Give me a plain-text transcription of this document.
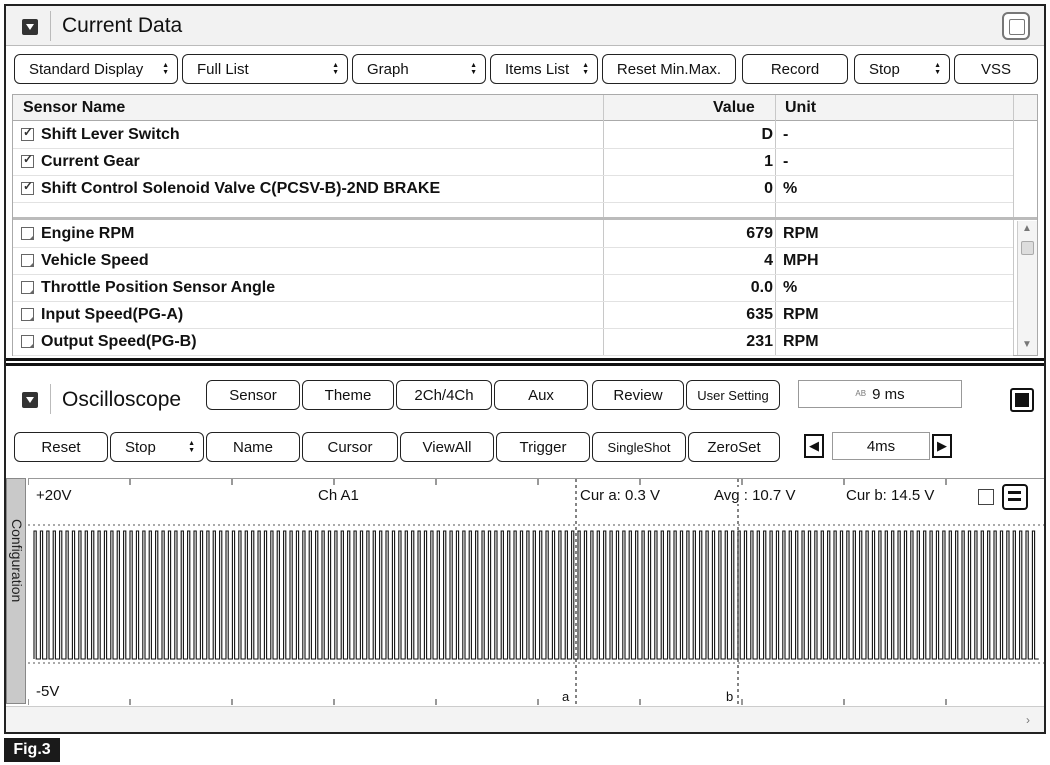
Current Data
Standard Display	▲
▼ Full List	▲
▼ Graph	▲
▼ Items List ▲
▼ Reset Min.Max.	Record	Stop	▲
▼	VSS
Sensor Name	Value Unit
✓
Shift Lever Switch	D -
✓
Current Gear	1 -
✓
Shift Control Solenoid Valve C(PCSV-B)-2ND BRAKE	0 %
Engine RPM	679 RPM
Vehicle Speed	4 MPH
Throttle Position Sensor Angle	0.0 %
Input Speed(PG-A)	635 RPM
Output Speed(PG-B)	231 RPM
▲
▼
Oscilloscope	Sensor	Theme	2Ch/4Ch	Aux	Review	User Setting	AB 9 ms
Reset	Stop	▲
▼	Name	Cursor	ViewAll	Trigger	SingleShot ZeroSet	◀	4ms	▶
Configuration
+20V	Ch A1	Cur a: 0.3 V	Avg : 10.7 V	Cur b: 14.5 V
-5V	a	b
›
Fig.3
